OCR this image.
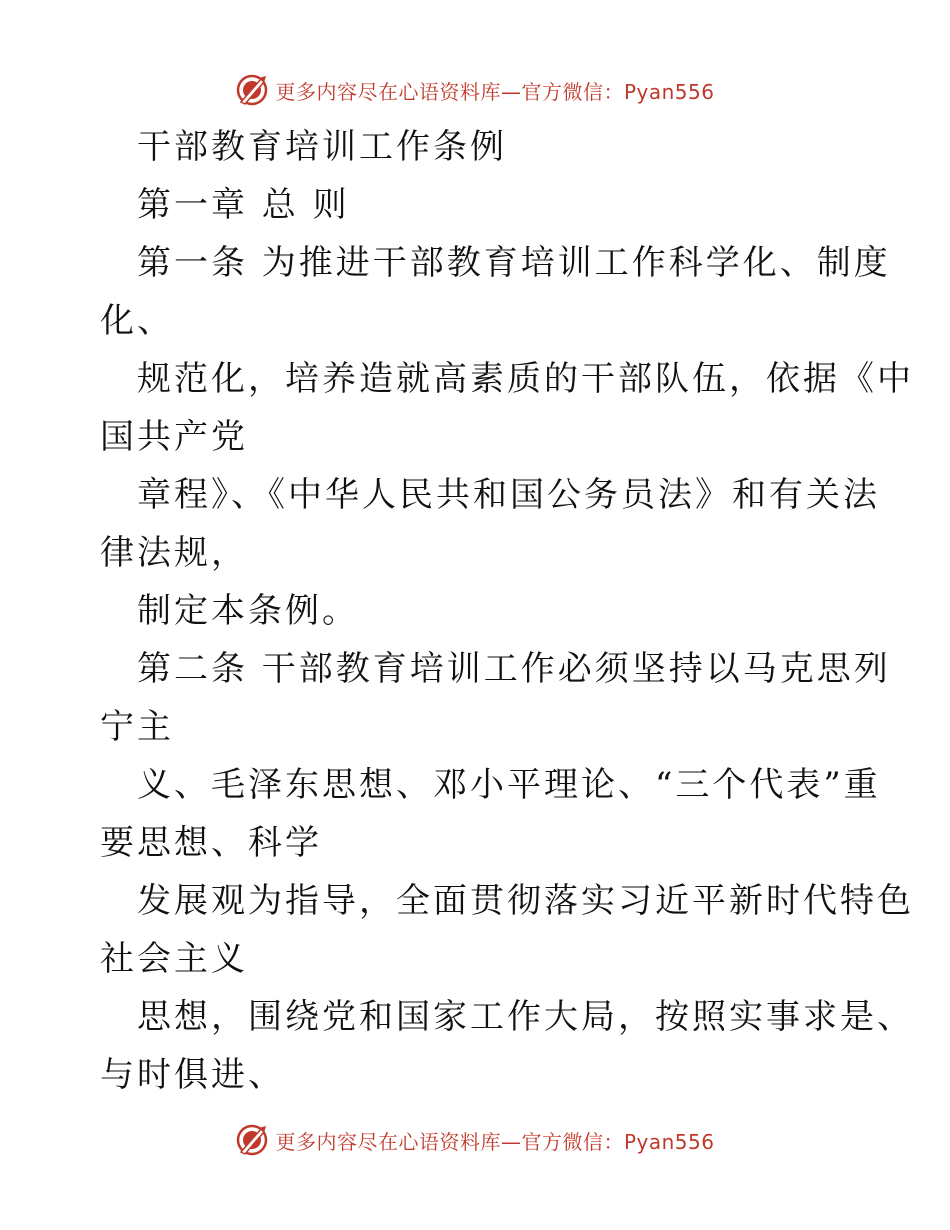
更多内容尽在心语资料库—官方微信：Pyan556
干部教育培训工作条例
第一章 总 则
第一条 为推进干部教育培训工作科学化、制度
化、
规范化，培养造就高素质的干部队伍，依据《中
国共产党
章程》、《中华人民共和国公务员法》和有关法
律法规，
制定本条例。
第二条 干部教育培训工作必须坚持以马克思列
宁主
义、毛泽东思想、邓小平理论、“三个代表”重
要思想、科学
发展观为指导，全面贯彻落实习近平新时代特色
社会主义
思想，围绕党和国家工作大局，按照实事求是、
与时俱进、
更多内容尽在心语资料库—官方微信：Pyan556
